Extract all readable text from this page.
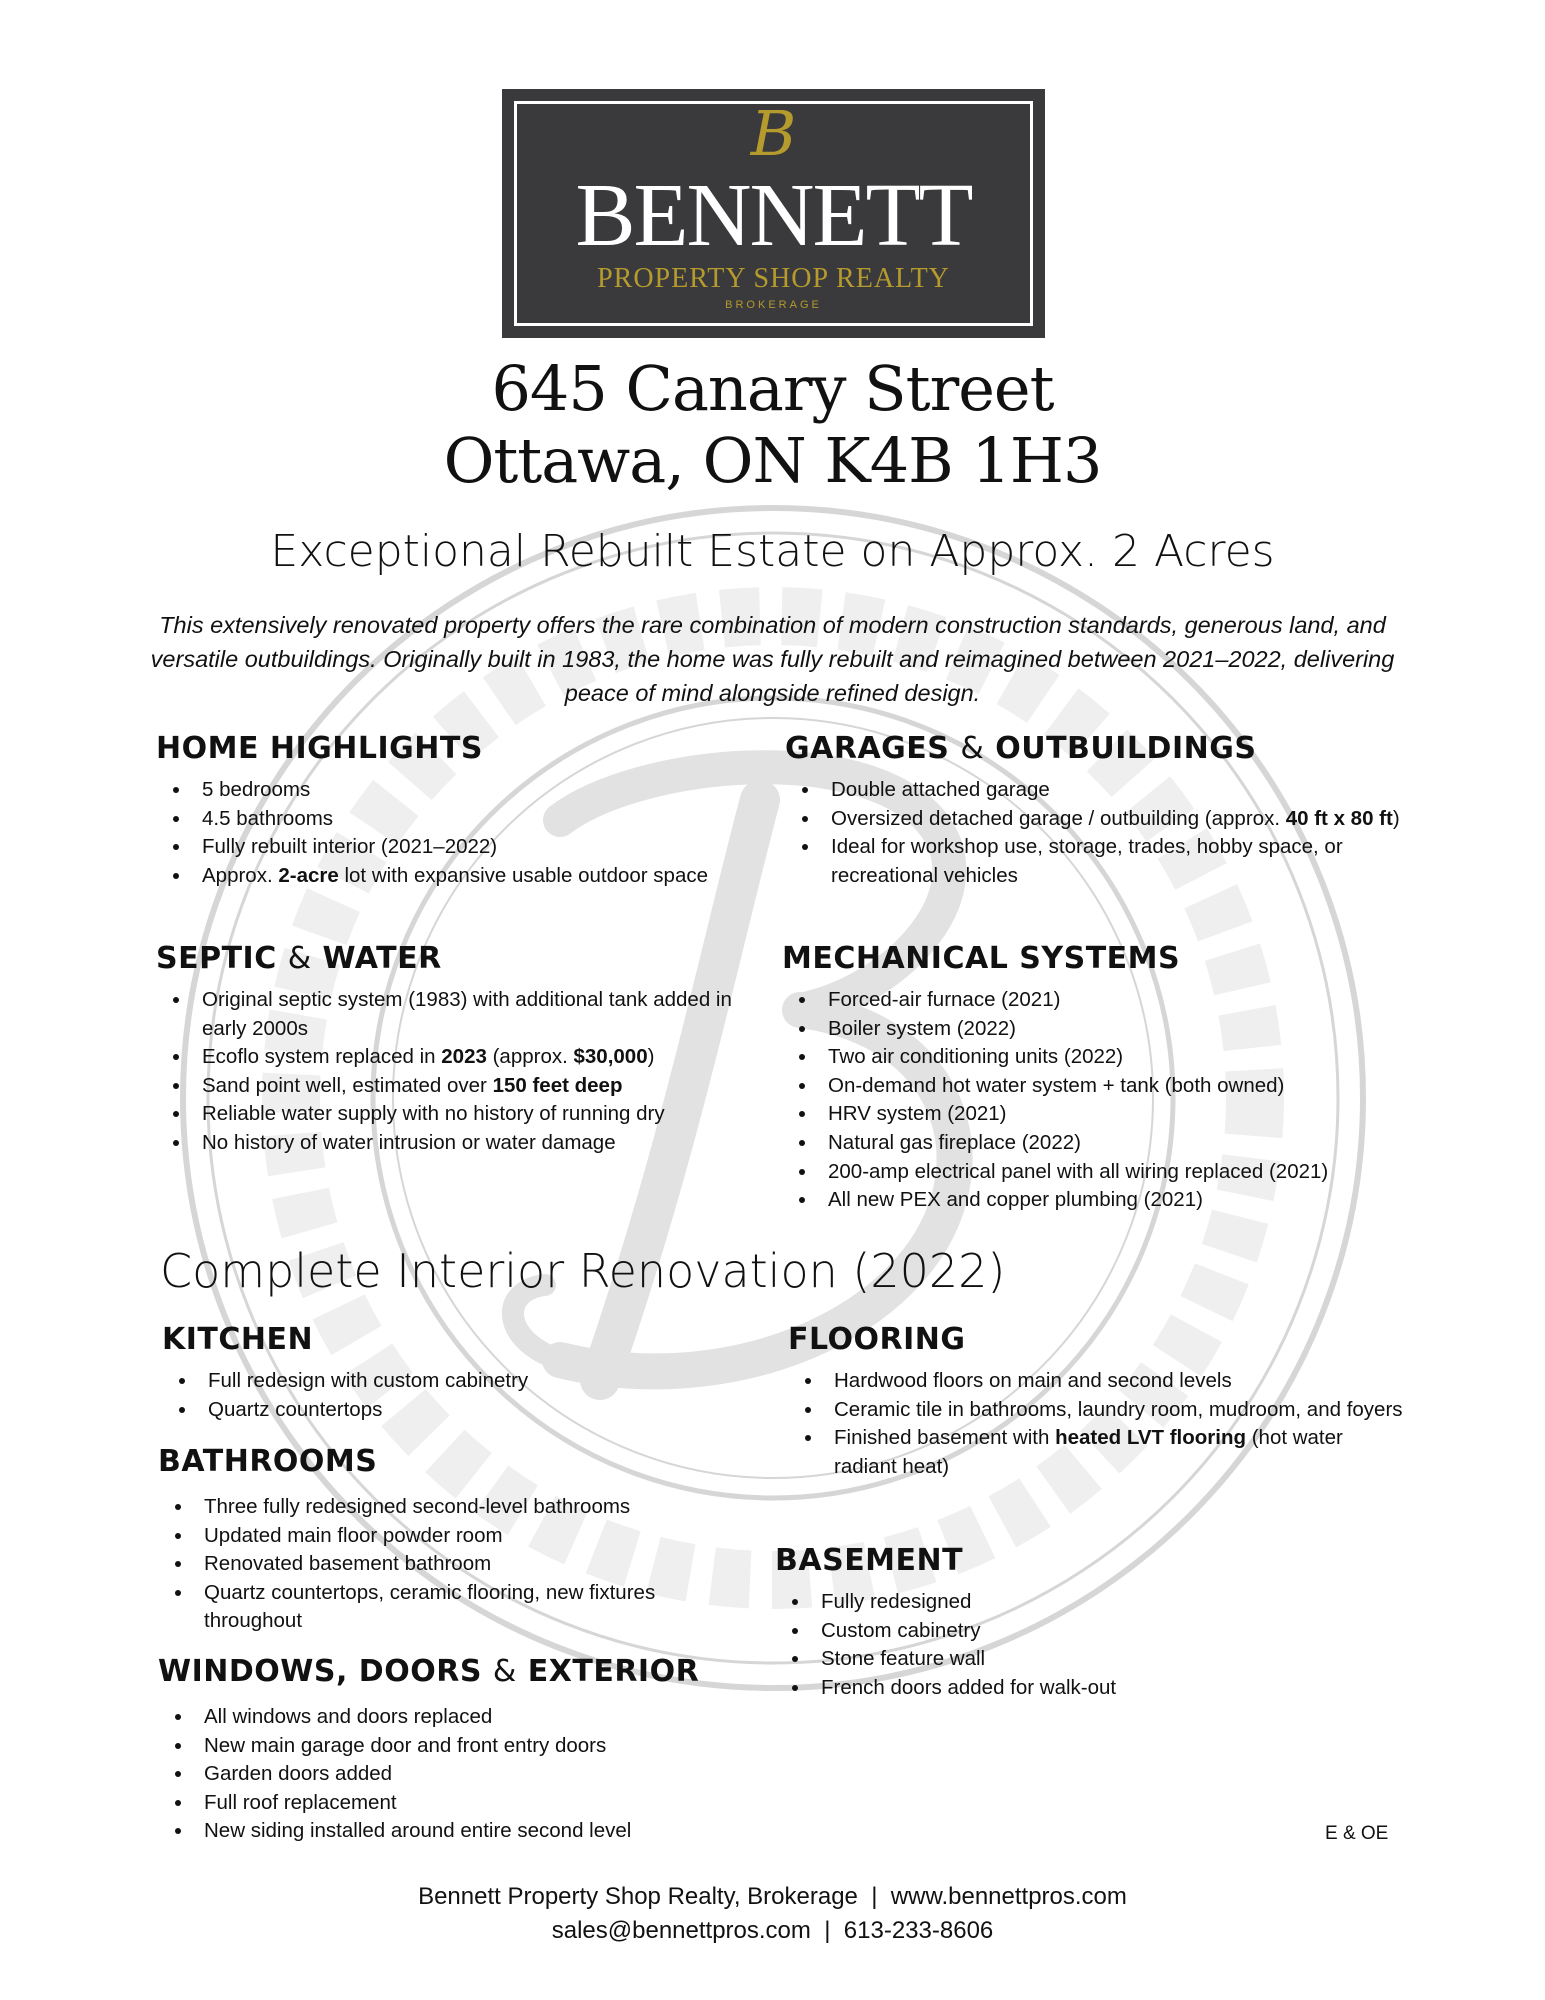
B
BENNETT
PROPERTY SHOP REALTY
BROKERAGE
645 Canary Street
Ottawa, ON K4B 1H3
Exceptional Rebuilt Estate on Approx. 2 Acres
This extensively renovated property offers the rare combination of modern construction standards, generous land, and versatile outbuildings. Originally built in 1983, the home was fully rebuilt and reimagined between 2021–2022, delivering peace of mind alongside refined design.
HOME HIGHLIGHTS
• 5 bedrooms
• 4.5 bathrooms
• Fully rebuilt interior (2021–2022)
• Approx. 2-acre lot with expansive usable outdoor space
GARAGES & OUTBUILDINGS
• Double attached garage
• Oversized detached garage / outbuilding (approx. 40 ft x 80 ft)
• Ideal for workshop use, storage, trades, hobby space, or recreational vehicles
SEPTIC & WATER
• Original septic system (1983) with additional tank added in early 2000s
• Ecoflo system replaced in 2023 (approx. $30,000)
• Sand point well, estimated over 150 feet deep
• Reliable water supply with no history of running dry
• No history of water intrusion or water damage
MECHANICAL SYSTEMS
• Forced-air furnace (2021)
• Boiler system (2022)
• Two air conditioning units (2022)
• On-demand hot water system + tank (both owned)
• HRV system (2021)
• Natural gas fireplace (2022)
• 200-amp electrical panel with all wiring replaced (2021)
• All new PEX and copper plumbing (2021)
Complete Interior Renovation (2022)
KITCHEN
• Full redesign with custom cabinetry
• Quartz countertops
BATHROOMS
• Three fully redesigned second-level bathrooms
• Updated main floor powder room
• Renovated basement bathroom
• Quartz countertops, ceramic flooring, new fixtures throughout
WINDOWS, DOORS & EXTERIOR
• All windows and doors replaced
• New main garage door and front entry doors
• Garden doors added
• Full roof replacement
• New siding installed around entire second level
FLOORING
• Hardwood floors on main and second levels
• Ceramic tile in bathrooms, laundry room, mudroom, and foyers
• Finished basement with heated LVT flooring (hot water radiant heat)
BASEMENT
• Fully redesigned
• Custom cabinetry
• Stone feature wall
• French doors added for walk-out
E & OE
Bennett Property Shop Realty, Brokerage  |  www.bennettpros.com
sales@bennettpros.com  |  613-233-8606
